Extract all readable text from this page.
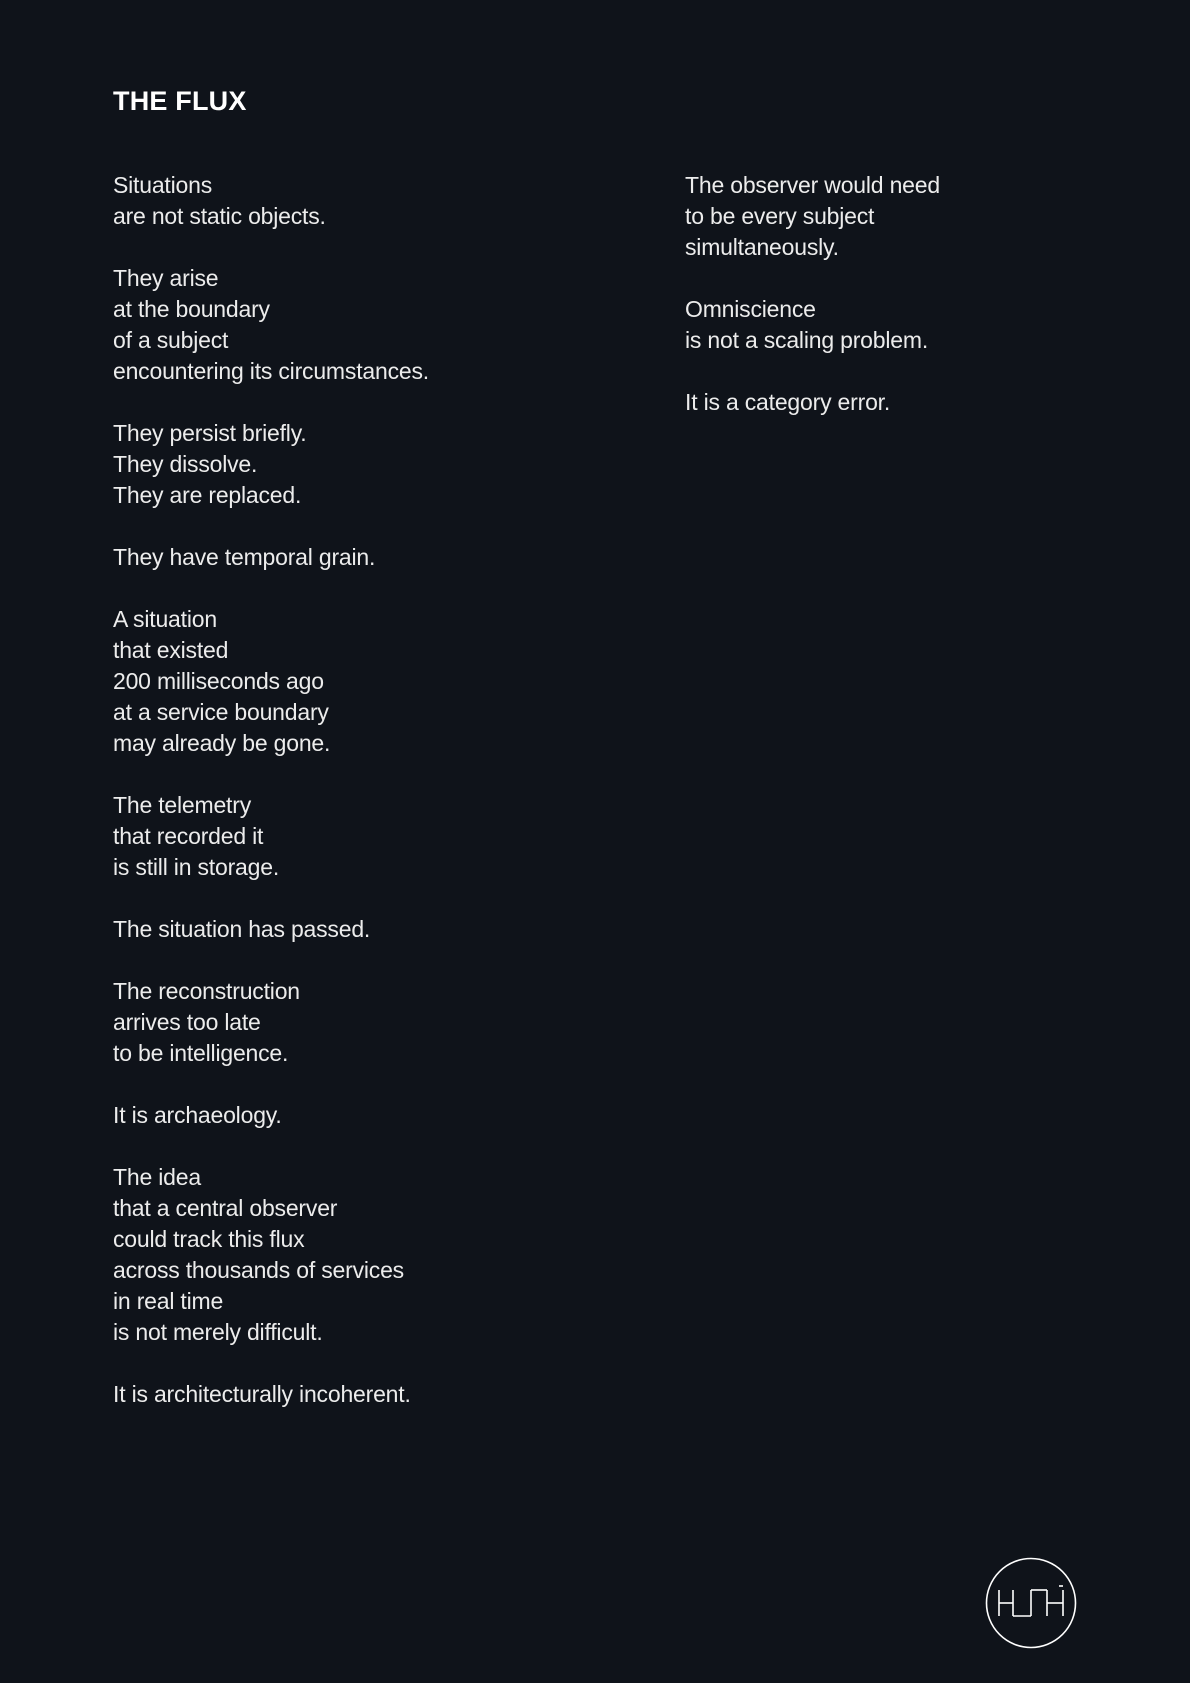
THE FLUX
Situations
are not static objects.
They arise
at the boundary
of a subject
encountering its circumstances.
They persist briefly.
They dissolve.
They are replaced.
They have temporal grain.
A situation
that existed
200 milliseconds ago
at a service boundary
may already be gone.
The telemetry
that recorded it
is still in storage.
The situation has passed.
The reconstruction
arrives too late
to be intelligence.
It is archaeology.
The idea
that a central observer
could track this flux
across thousands of services
in real time
is not merely difficult.
It is architecturally incoherent.
The observer would need
to be every subject
simultaneously.
Omniscience
is not a scaling problem.
It is a category error.
